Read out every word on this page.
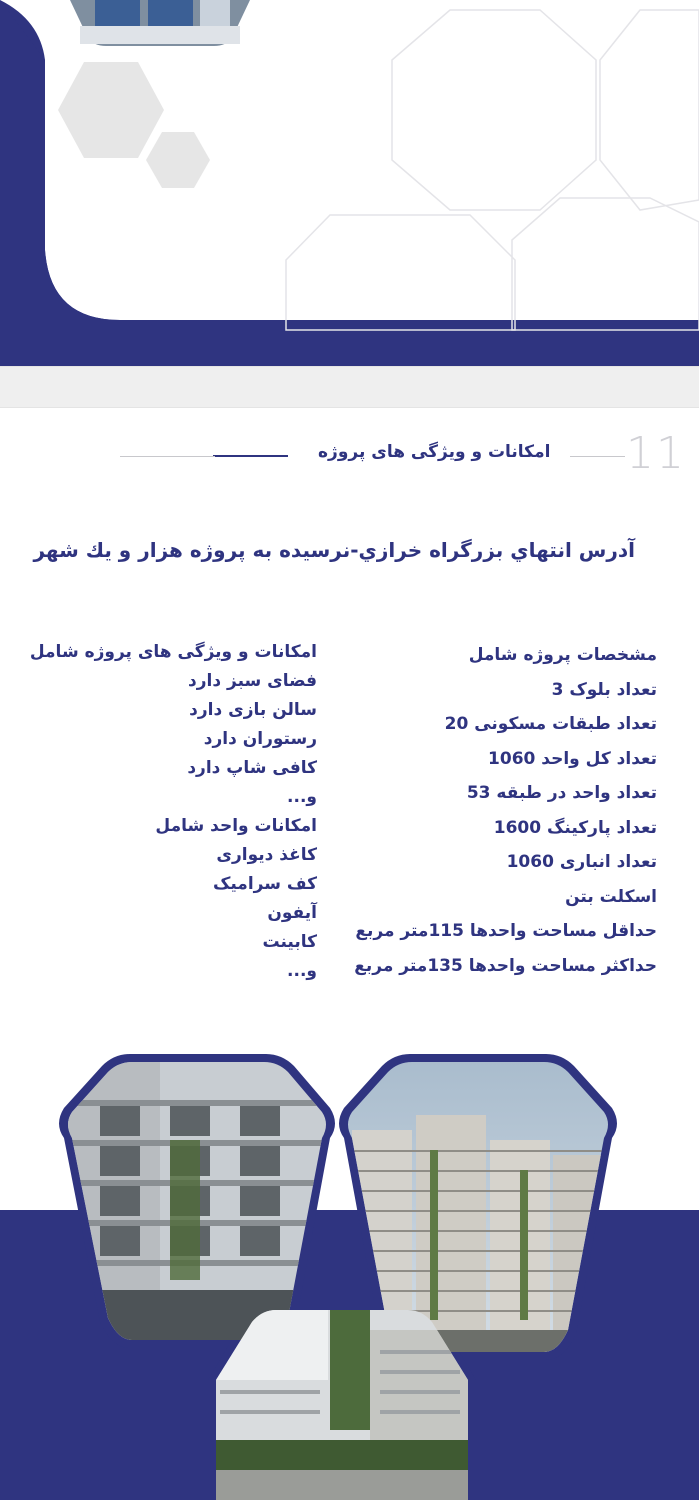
11
امکانات و ویژگی های پروژه
آدرس انتهاي بزرگراه خرازي-نرسيده به پروژه هزار و يك شهر
مشخصات پروژه شامل
تعداد بلوک 3
تعداد طبقات مسکونی 20
تعداد کل واحد 1060
تعداد واحد در طبقه 53
تعداد پارکینگ 1600
تعداد انباری 1060
اسکلت بتن
حداقل مساحت واحدها 115متر مربع
حداکثر مساحت واحدها 135متر مربع
امکانات و ویژگی های پروژه شامل
فضای سبز دارد
سالن بازی دارد
رستوران دارد
کافی شاپ دارد
و...
امکانات واحد شامل
کاغذ دیواری
کف سرامیک
آیفون
کابینت
و...
